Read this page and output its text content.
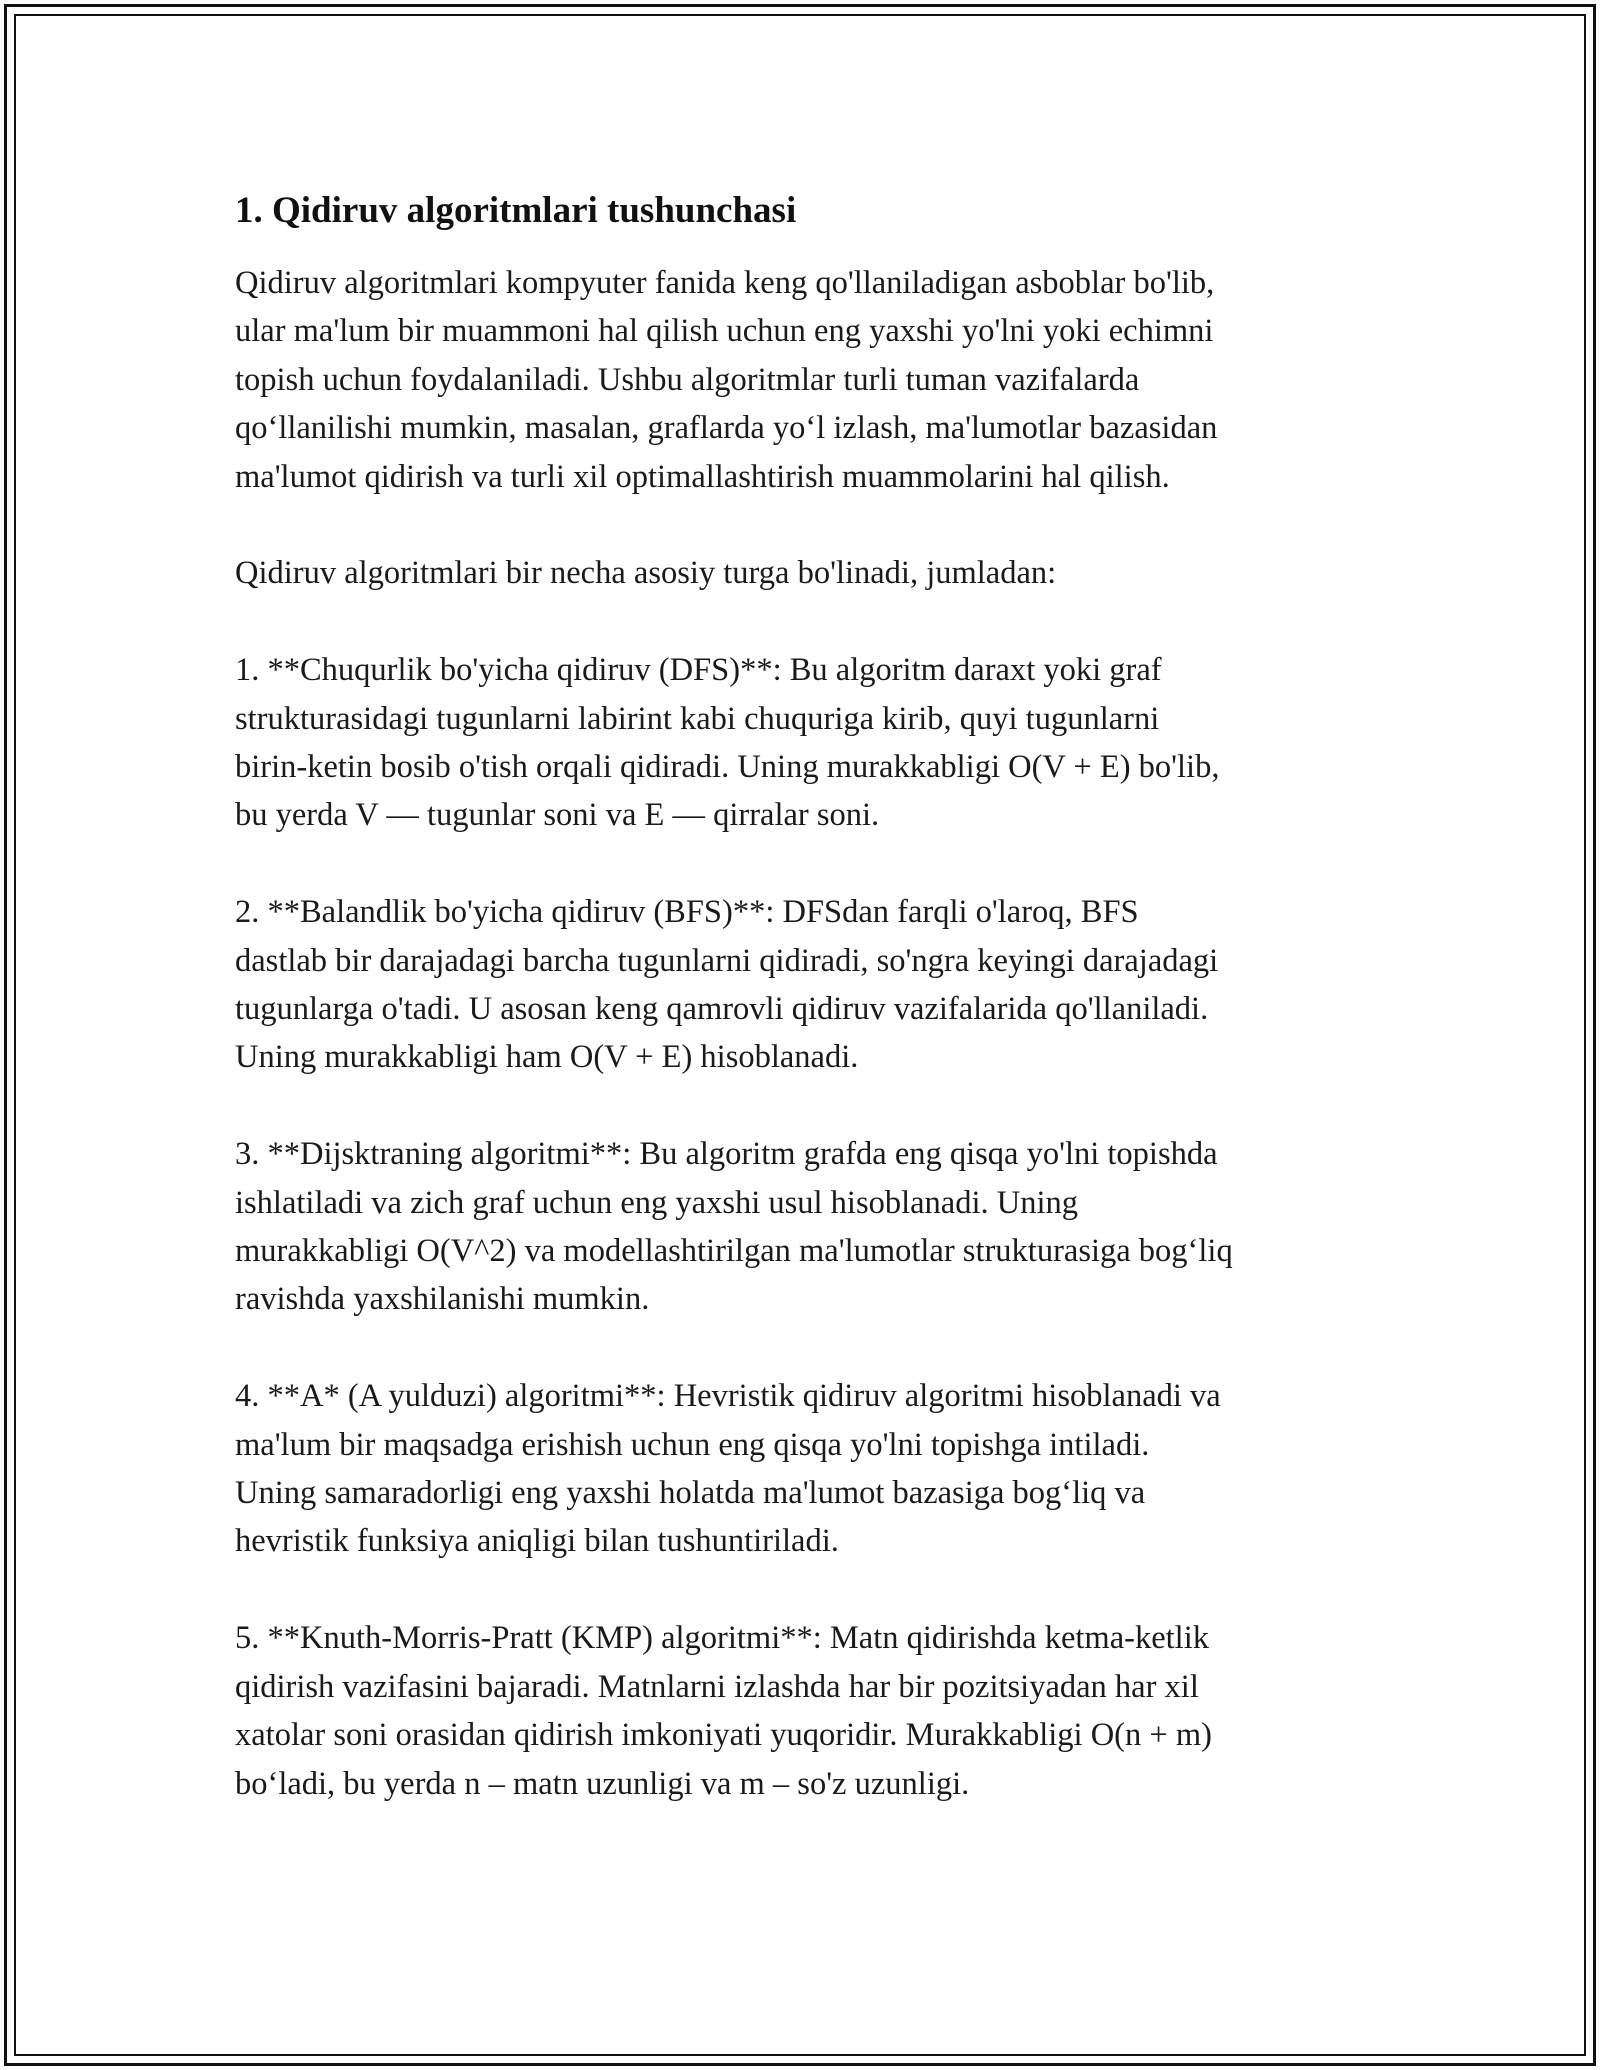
1. Qidiruv algoritmlari tushunchasi
Qidiruv algoritmlari kompyuter fanida keng qo'llaniladigan asboblar bo'lib,
ular ma'lum bir muammoni hal qilish uchun eng yaxshi yo'lni yoki echimni
topish uchun foydalaniladi. Ushbu algoritmlar turli tuman vazifalarda
qo‘llanilishi mumkin, masalan, graflarda yo‘l izlash, ma'lumotlar bazasidan
ma'lumot qidirish va turli xil optimallashtirish muammolarini hal qilish.
Qidiruv algoritmlari bir necha asosiy turga bo'linadi, jumladan:
1. **Chuqurlik bo'yicha qidiruv (DFS)**: Bu algoritm daraxt yoki graf
strukturasidagi tugunlarni labirint kabi chuquriga kirib, quyi tugunlarni
birin-ketin bosib o'tish orqali qidiradi. Uning murakkabligi O(V + E) bo'lib,
bu yerda V — tugunlar soni va E — qirralar soni.
2. **Balandlik bo'yicha qidiruv (BFS)**: DFSdan farqli o'laroq, BFS
dastlab bir darajadagi barcha tugunlarni qidiradi, so'ngra keyingi darajadagi
tugunlarga o'tadi. U asosan keng qamrovli qidiruv vazifalarida qo'llaniladi.
Uning murakkabligi ham O(V + E) hisoblanadi.
3. **Dijsktraning algoritmi**: Bu algoritm grafda eng qisqa yo'lni topishda
ishlatiladi va zich graf uchun eng yaxshi usul hisoblanadi. Uning
murakkabligi O(V^2) va modellashtirilgan ma'lumotlar strukturasiga bog‘liq
ravishda yaxshilanishi mumkin.
4. **A* (A yulduzi) algoritmi**: Hevristik qidiruv algoritmi hisoblanadi va
ma'lum bir maqsadga erishish uchun eng qisqa yo'lni topishga intiladi.
Uning samaradorligi eng yaxshi holatda ma'lumot bazasiga bog‘liq va
hevristik funksiya aniqligi bilan tushuntiriladi.
5. **Knuth-Morris-Pratt (KMP) algoritmi**: Matn qidirishda ketma-ketlik
qidirish vazifasini bajaradi. Matnlarni izlashda har bir pozitsiyadan har xil
xatolar soni orasidan qidirish imkoniyati yuqoridir. Murakkabligi O(n + m)
bo‘ladi, bu yerda n – matn uzunligi va m – so'z uzunligi.
